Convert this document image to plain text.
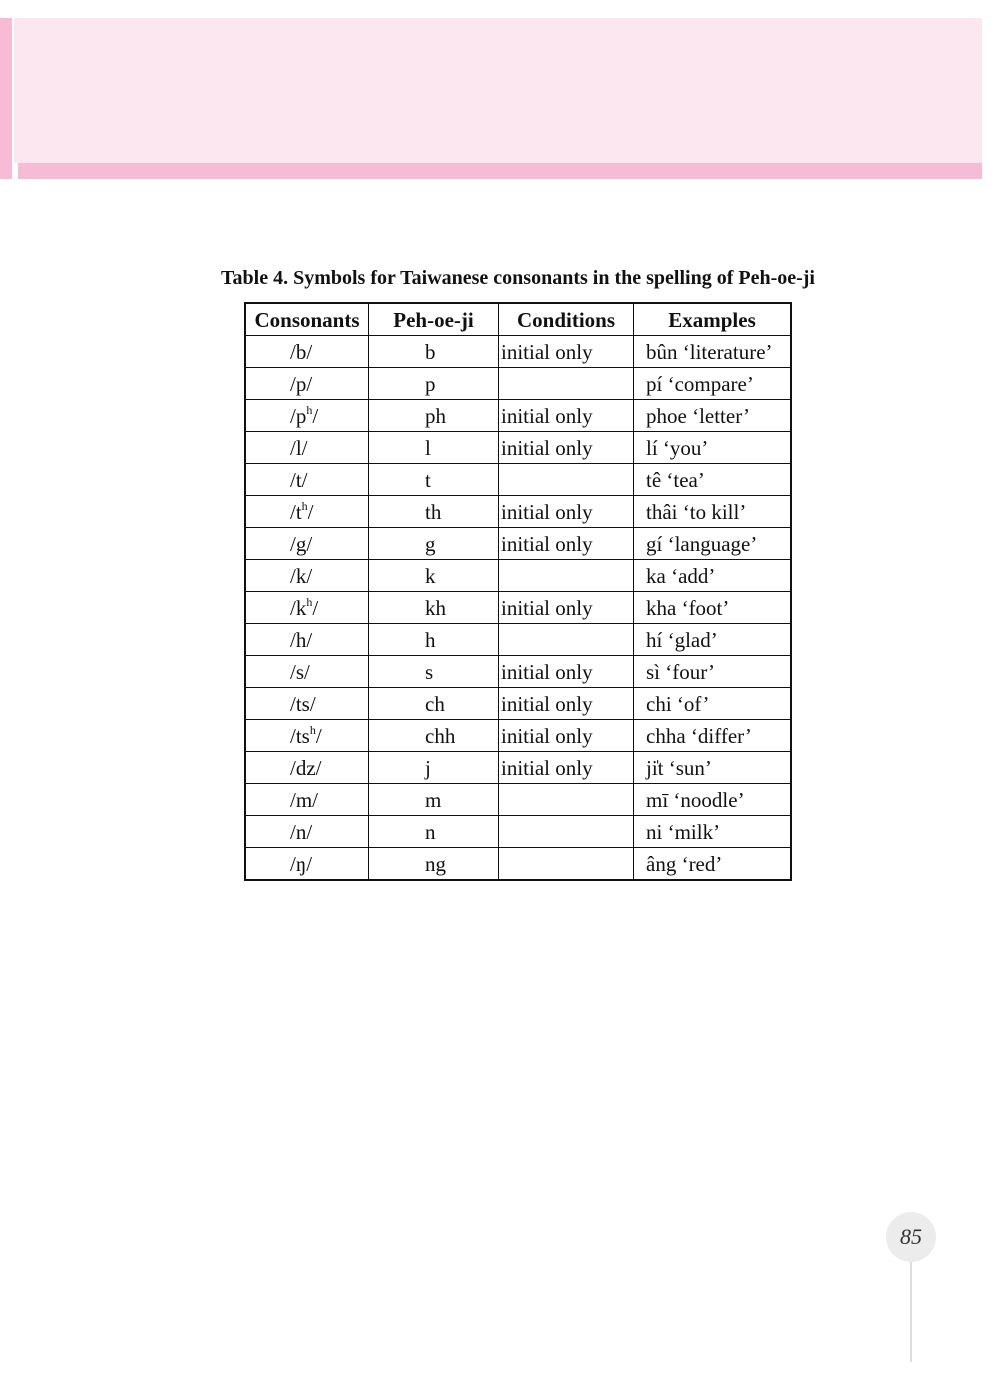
Table 4. Symbols for Taiwanese consonants in the spelling of Peh-oe-ji

Consonants	Peh-oe-ji	Conditions	Examples
/b/	b	initial only	bûn ‘literature’
/p/	p		pí ‘compare’
$/p^h/$	ph	initial only	phoe ‘letter’
/l/	l	initial only	lí ‘you’
/t/	t		tê ‘tea’
$/t^h/$	th	initial only	thâi ‘to kill’
/g/	g	initial only	gí ‘language’
/k/	k		ka ‘add’
$/k^h/$	kh	initial only	kha ‘foot’
/h/	h		hí ‘glad’
/s/	s	initial only	sì ‘four’
/ts/	ch	initial only	chi ‘of’
$/ts^h/$	chh	initial only	chha ‘differ’
/dz/	j	initial only	ji̍t ‘sun’
/m/	m		mī ‘noodle’
/n/	n		ni ‘milk’
/ŋ/	ng		âng ‘red’
85
